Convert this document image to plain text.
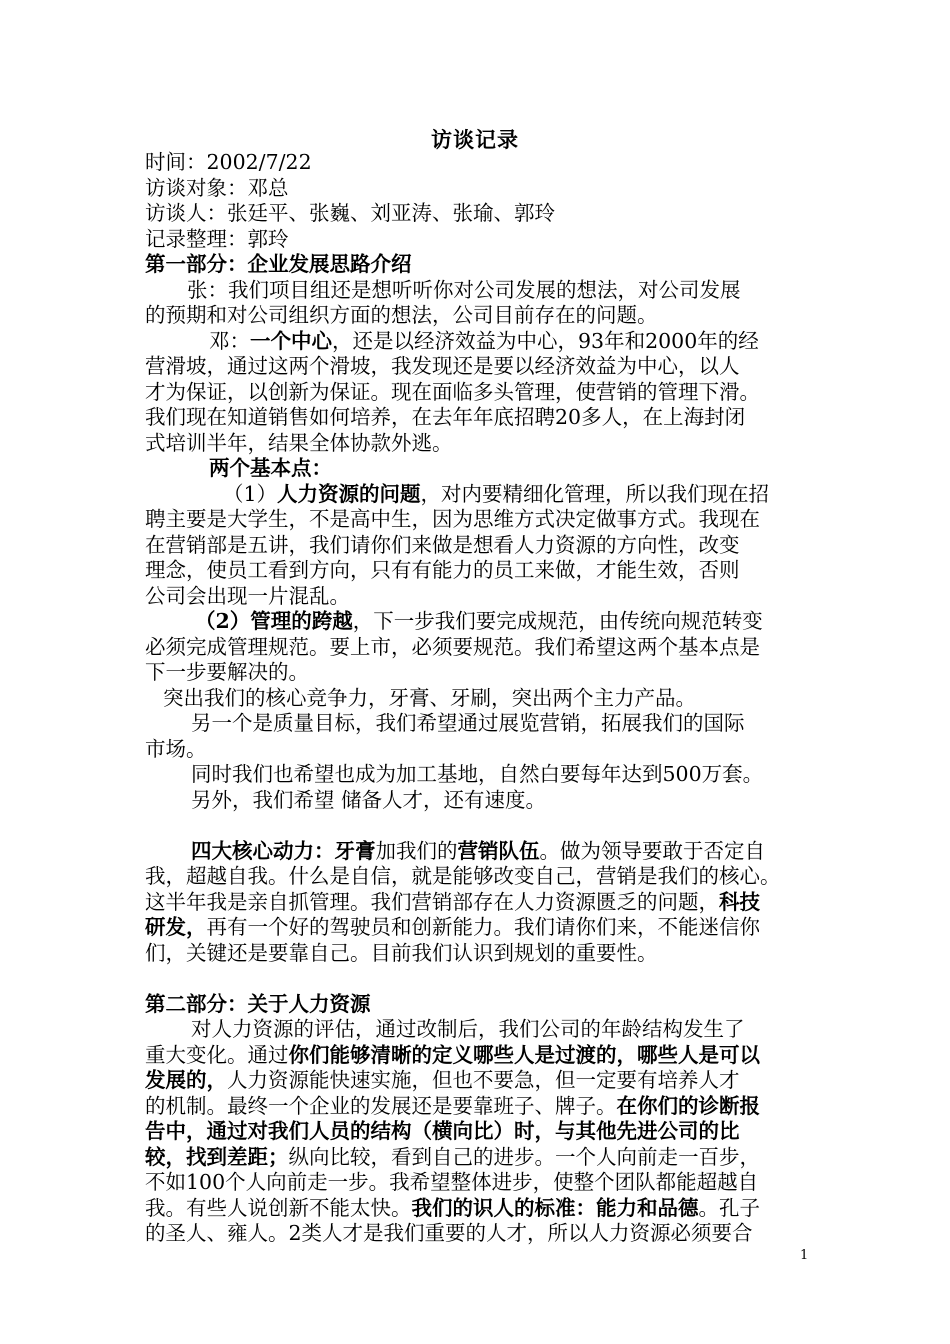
访谈记录

时间：2002/7/22

访谈对象：邓总

访谈人：张廷平、张巍、刘亚涛、张瑜、郭玲

记录整理：郭玲

第一部分：企业发展思路介绍

张：我们项目组还是想听听你对公司发展的想法，对公司发展

的预期和对公司组织方面的想法，公司目前存在的问题。

邓：一个中心，还是以经济效益为中心，93年和2000年的经

营滑坡，通过这两个滑坡，我发现还是要以经济效益为中心，以人

才为保证，以创新为保证。现在面临多头管理，使营销的管理下滑。

我们现在知道销售如何培养，在去年年底招聘20多人，在上海封闭

式培训半年，结果全体协款外逃。

两个基本点：

（1）人力资源的问题，对内要精细化管理，所以我们现在招

聘主要是大学生，不是高中生，因为思维方式决定做事方式。我现在

在营销部是五讲，我们请你们来做是想看人力资源的方向性，改变

理念，使员工看到方向，只有有能力的员工来做，才能生效，否则

公司会出现一片混乱。

（2）管理的跨越，下一步我们要完成规范，由传统向规范转变

必须完成管理规范。要上市，必须要规范。我们希望这两个基本点是

下一步要解决的。

突出我们的核心竞争力，牙膏、牙刷，突出两个主力产品。

另一个是质量目标，我们希望通过展览营销，拓展我们的国际

市场。

同时我们也希望也成为加工基地，自然白要每年达到500万套。

另外，我们希望 储备人才，还有速度。

四大核心动力：牙膏加我们的营销队伍。做为领导要敢于否定自

我，超越自我。什么是自信，就是能够改变自己，营销是我们的核心。

这半年我是亲自抓管理。我们营销部存在人力资源匮乏的问题，科技

研发，再有一个好的驾驶员和创新能力。我们请你们来，不能迷信你

们，关键还是要靠自己。目前我们认识到规划的重要性。

第二部分：关于人力资源

对人力资源的评估，通过改制后，我们公司的年龄结构发生了

重大变化。通过你们能够清晰的定义哪些人是过渡的，哪些人是可以

发展的，人力资源能快速实施，但也不要急，但一定要有培养人才

的机制。最终一个企业的发展还是要靠班子、牌子。在你们的诊断报

告中，通过对我们人员的结构（横向比）时，与其他先进公司的比

较，找到差距；纵向比较，看到自己的进步。一个人向前走一百步，

不如100个人向前走一步。我希望整体进步，使整个团队都能超越自

我。有些人说创新不能太快。我们的识人的标准：能力和品德。孔子

的圣人、雍人。2类人才是我们重要的人才，所以人力资源必须要合

1
